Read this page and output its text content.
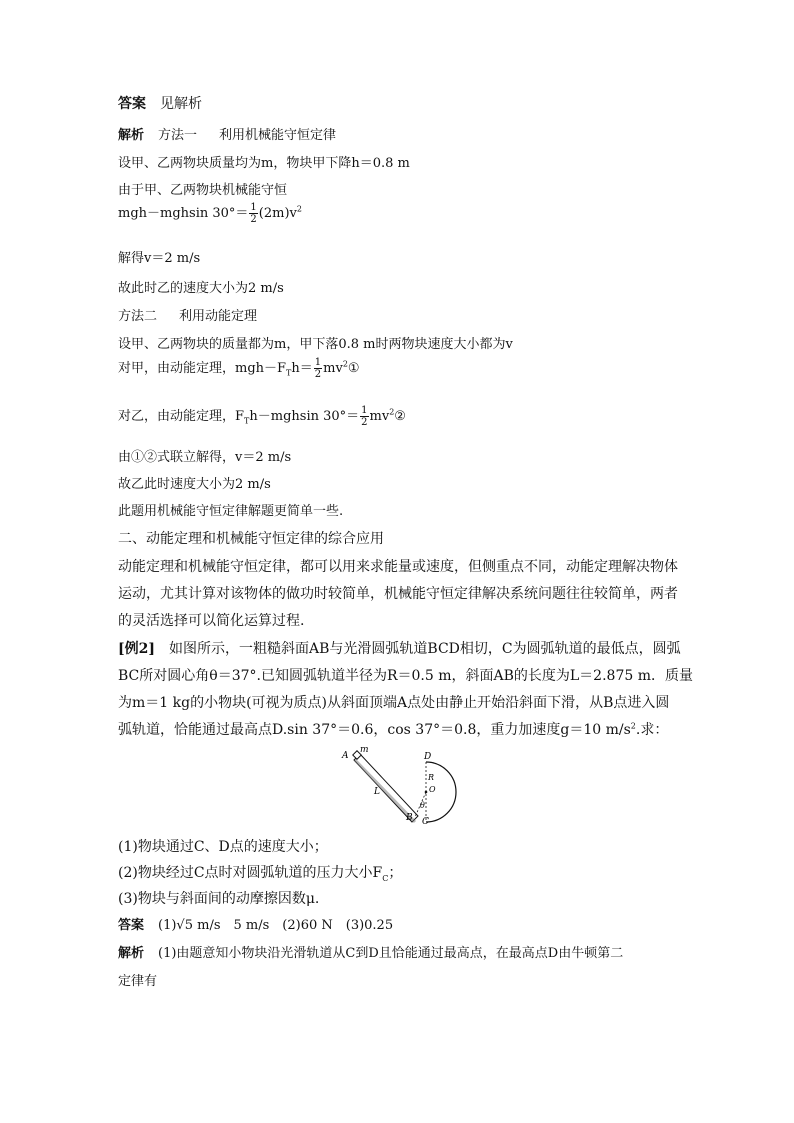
答案 见解析
解析 方法一 利用机械能守恒定律
设甲、乙两物块质量均为m，物块甲下降h＝0.8 m
由于甲、乙两物块机械能守恒
mgh－mghsin $30^\circ= \frac{1}{2} (2m)v^2$
解得v＝2 m/s
故此时乙的速度大小为2 m/s
方法二 利用动能定理
设甲、乙两物块的质量都为m，甲下落0.8 m时两物块速度大小都为v
对甲，由动能定理，$mgh-F_Th= \frac{1}{2}$ $mv^2①$
对乙，由动能定理，$F_Th-mghsin$ $30^\circ= \frac{1}{2}$ $mv^2②$
由①②式联立解得，v＝2 m/s
故乙此时速度大小为2 m/s
此题用机械能守恒定律解题更简单一些.
二、动能定理和机械能守恒定律的综合应用
动能定理和机械能守恒定律，都可以用来求能量或速度，但侧重点不同，动能定理解决物体
运动，尤其计算对该物体的做功时较简单，机械能守恒定律解决系统问题往往较简单，两者
的灵活选择可以简化运算过程.
[例2] 如图所示，一粗糙斜面AB与光滑圆弧轨道BCD相切，C为圆弧轨道的最低点，圆弧
BC所对圆心角θ＝37°.已知圆弧轨道半径为R＝0.5 m，斜面AB的长度为L＝2.875 m．质量
为m＝1 kg的小物块(可视为质点)从斜面顶端A点处由静止开始沿斜面下滑，从B点进入圆
弧轨道，恰能通过最高点D.sin 37°＝0.6，cos 37°＝0.8，重力加速度g＝10 $m/s^2$.求：
A
m
L
B C
D
R
O
θ
(1)物块通过C、D点的速度大小；
(2)物块经过C点时对圆弧轨道的压力大小$F_C$；
(3)物块与斜面间的动摩擦因数μ.
答案 (1)√5 m/s　5 m/s　(2)60 N　(3)0.25
解析 (1)由题意知小物块沿光滑轨道从C到D且恰能通过最高点，在最高点D由牛顿第二
定律有
